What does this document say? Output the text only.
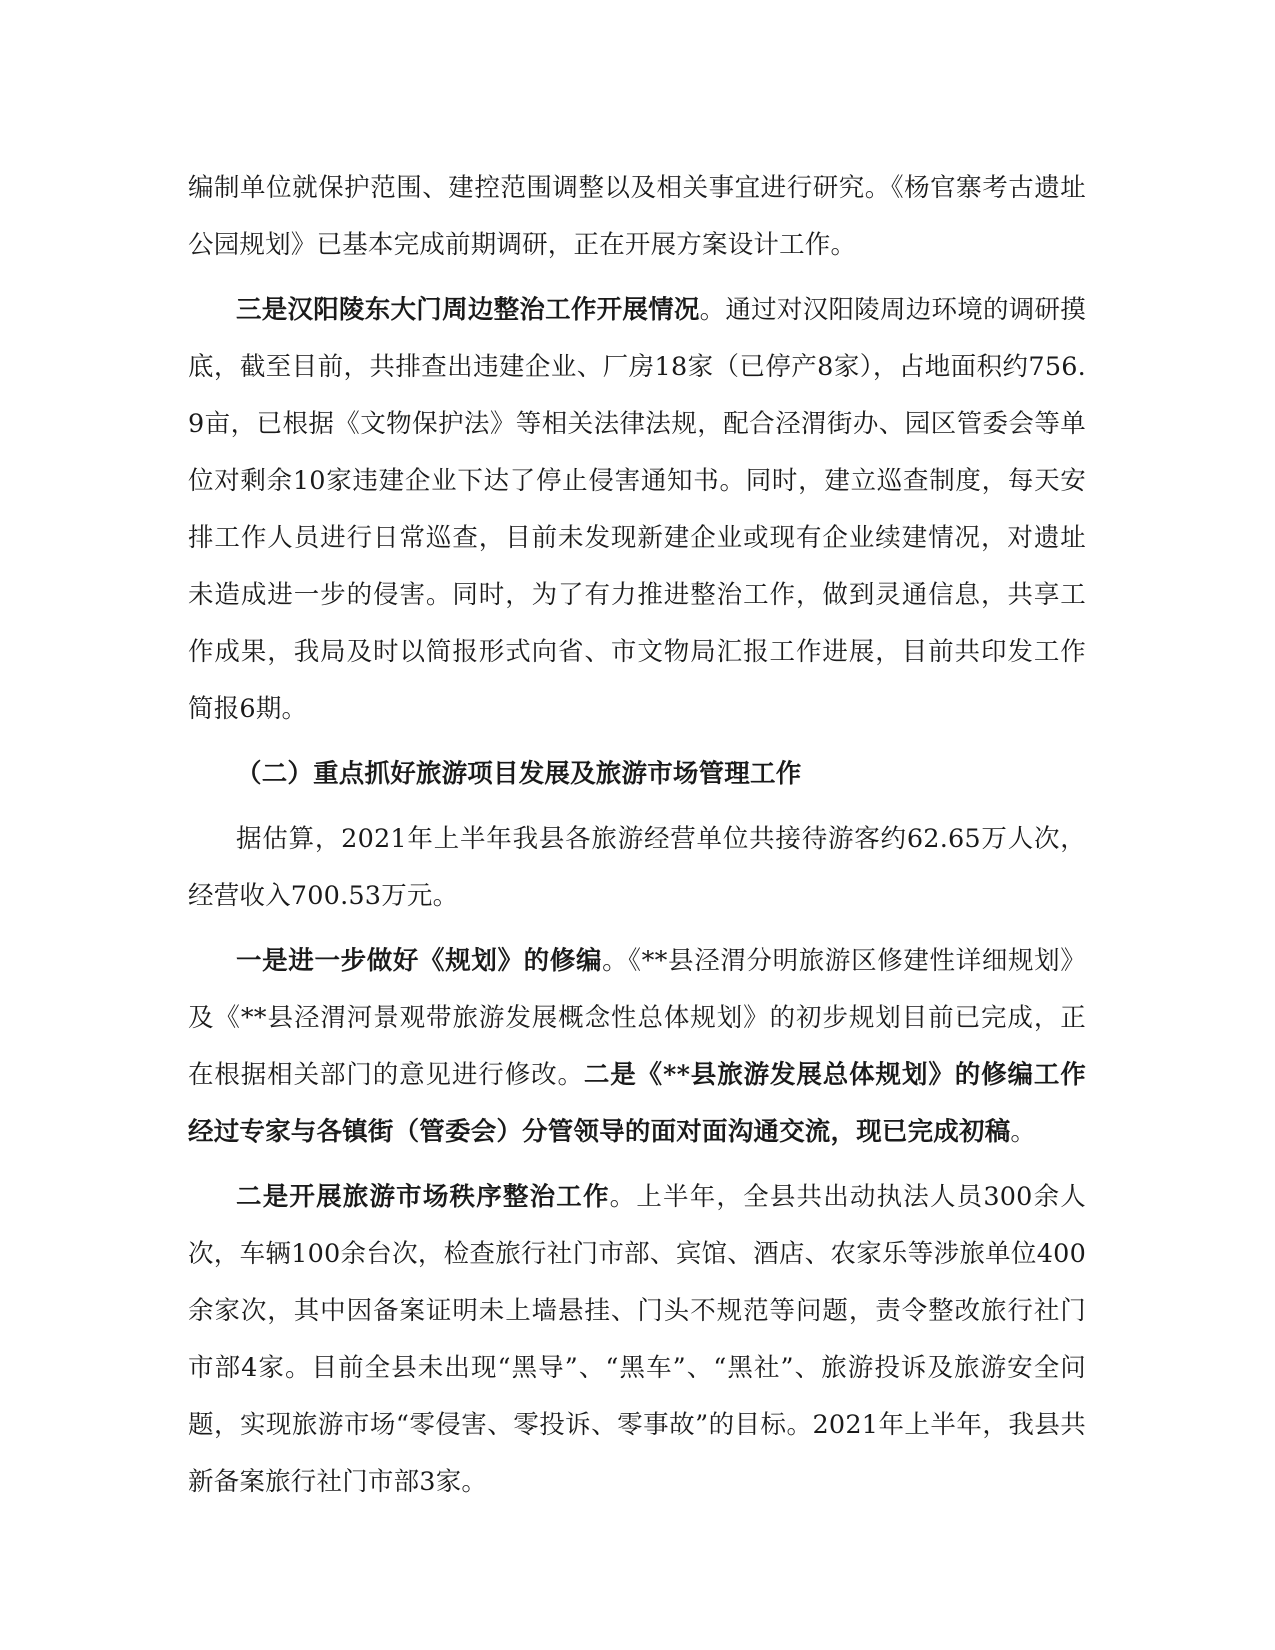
编制单位就保护范围、建控范围调整以及相关事宜进行研究。《杨官寨考古遗址公园规划》已基本完成前期调研，正在开展方案设计工作。

三是汉阳陵东大门周边整治工作开展情况。通过对汉阳陵周边环境的调研摸底，截至目前，共排查出违建企业、厂房18家（已停产8家），占地面积约756.9亩，已根据《文物保护法》等相关法律法规，配合泾渭街办、园区管委会等单位对剩余10家违建企业下达了停止侵害通知书。同时，建立巡查制度，每天安排工作人员进行日常巡查，目前未发现新建企业或现有企业续建情况，对遗址未造成进一步的侵害。同时，为了有力推进整治工作，做到灵通信息，共享工作成果，我局及时以简报形式向省、市文物局汇报工作进展，目前共印发工作简报6期。

（二）重点抓好旅游项目发展及旅游市场管理工作

据估算，2021年上半年我县各旅游经营单位共接待游客约62.65万人次，经营收入700.53万元。

一是进一步做好《规划》的修编。《**县泾渭分明旅游区修建性详细规划》及《**县泾渭河景观带旅游发展概念性总体规划》的初步规划目前已完成，正在根据相关部门的意见进行修改。二是《**县旅游发展总体规划》的修编工作经过专家与各镇街（管委会）分管领导的面对面沟通交流，现已完成初稿。

二是开展旅游市场秩序整治工作。上半年，全县共出动执法人员300余人次，车辆100余台次，检查旅行社门市部、宾馆、酒店、农家乐等涉旅单位400余家次，其中因备案证明未上墙悬挂、门头不规范等问题，责令整改旅行社门市部4家。目前全县未出现“黑导”、“黑车”、“黑社”、旅游投诉及旅游安全问题，实现旅游市场“零侵害、零投诉、零事故”的目标。2021年上半年，我县共新备案旅行社门市部3家。
